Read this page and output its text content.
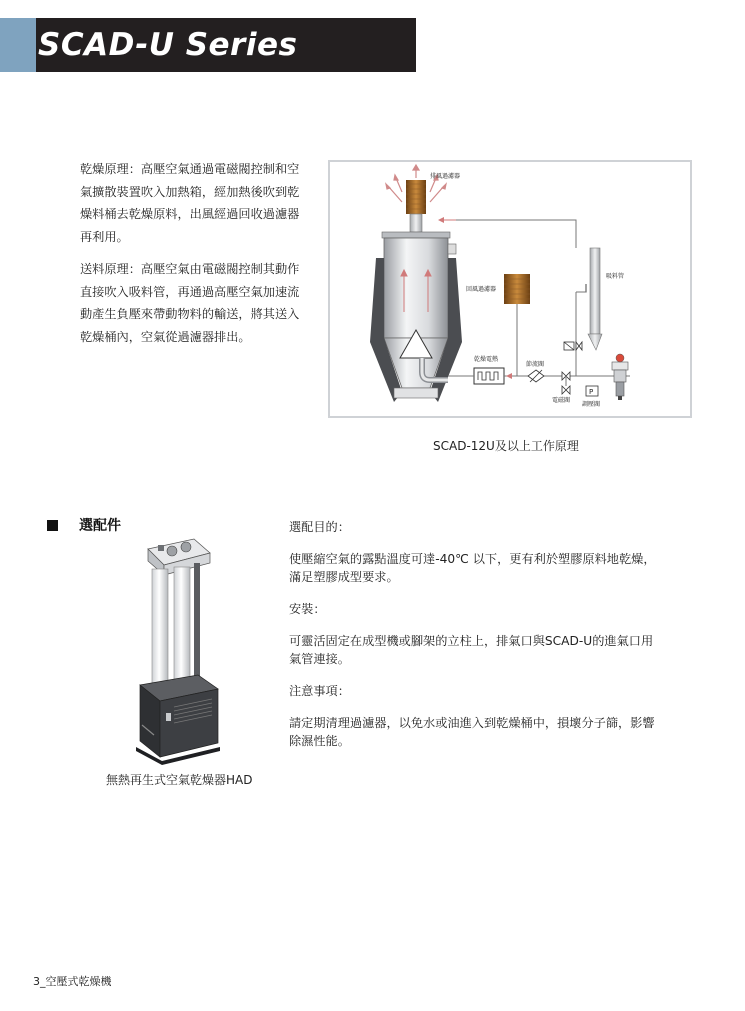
SCAD-U Series

乾燥原理：高壓空氣通過電磁閥控制和空氣擴散裝置吹入加熱箱，經加熱後吹到乾燥料桶去乾燥原料，出風經過回收過濾器再利用。

送料原理：高壓空氣由電磁閥控制其動作直接吹入吸料管，再通過高壓空氣加速流動產生負壓來帶動物料的輸送，將其送入乾燥桶內，空氣從過濾器排出。

排風過濾器
回風過濾器
吸料管
乾燥電熱
節流閥
電磁閥
P
調壓閥
SCAD-12U及以上工作原理
選配件
無熱再生式空氣乾燥器HAD

選配目的：

使壓縮空氣的露點溫度可達-40℃ 以下，更有利於塑膠原料地乾燥，滿足塑膠成型要求。

安裝：

可靈活固定在成型機或腳架的立柱上，排氣口與SCAD-U的進氣口用氣管連接。

注意事項：

請定期清理過濾器，以免水或油進入到乾燥桶中，損壞分子篩，影響除濕性能。

3_空壓式乾燥機
